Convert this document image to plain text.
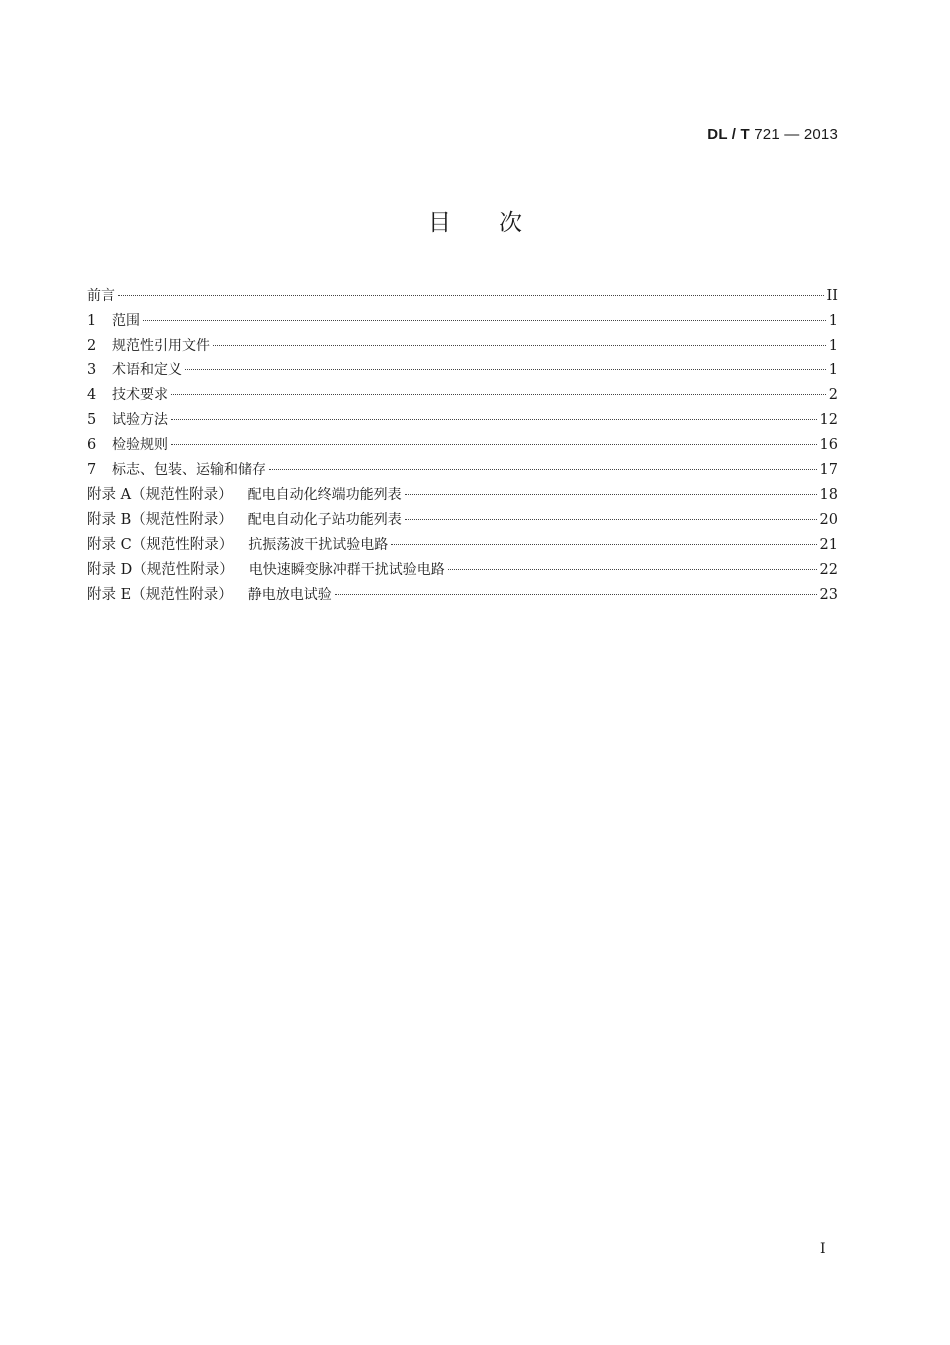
DL / T 721 — 2013
目次
前言	II
1	范围	1
2	规范性引用文件	1
3	术语和定义	1
4	技术要求	2
5	试验方法	12
6	检验规则	16
7	标志、包装、运输和储存	17
附录 A（规范性附录） 配电自动化终端功能列表	18
附录 B（规范性附录） 配电自动化子站功能列表	20
附录 C（规范性附录） 抗振荡波干扰试验电路	21
附录 D（规范性附录） 电快速瞬变脉冲群干扰试验电路	22
附录 E（规范性附录） 静电放电试验	23
I
